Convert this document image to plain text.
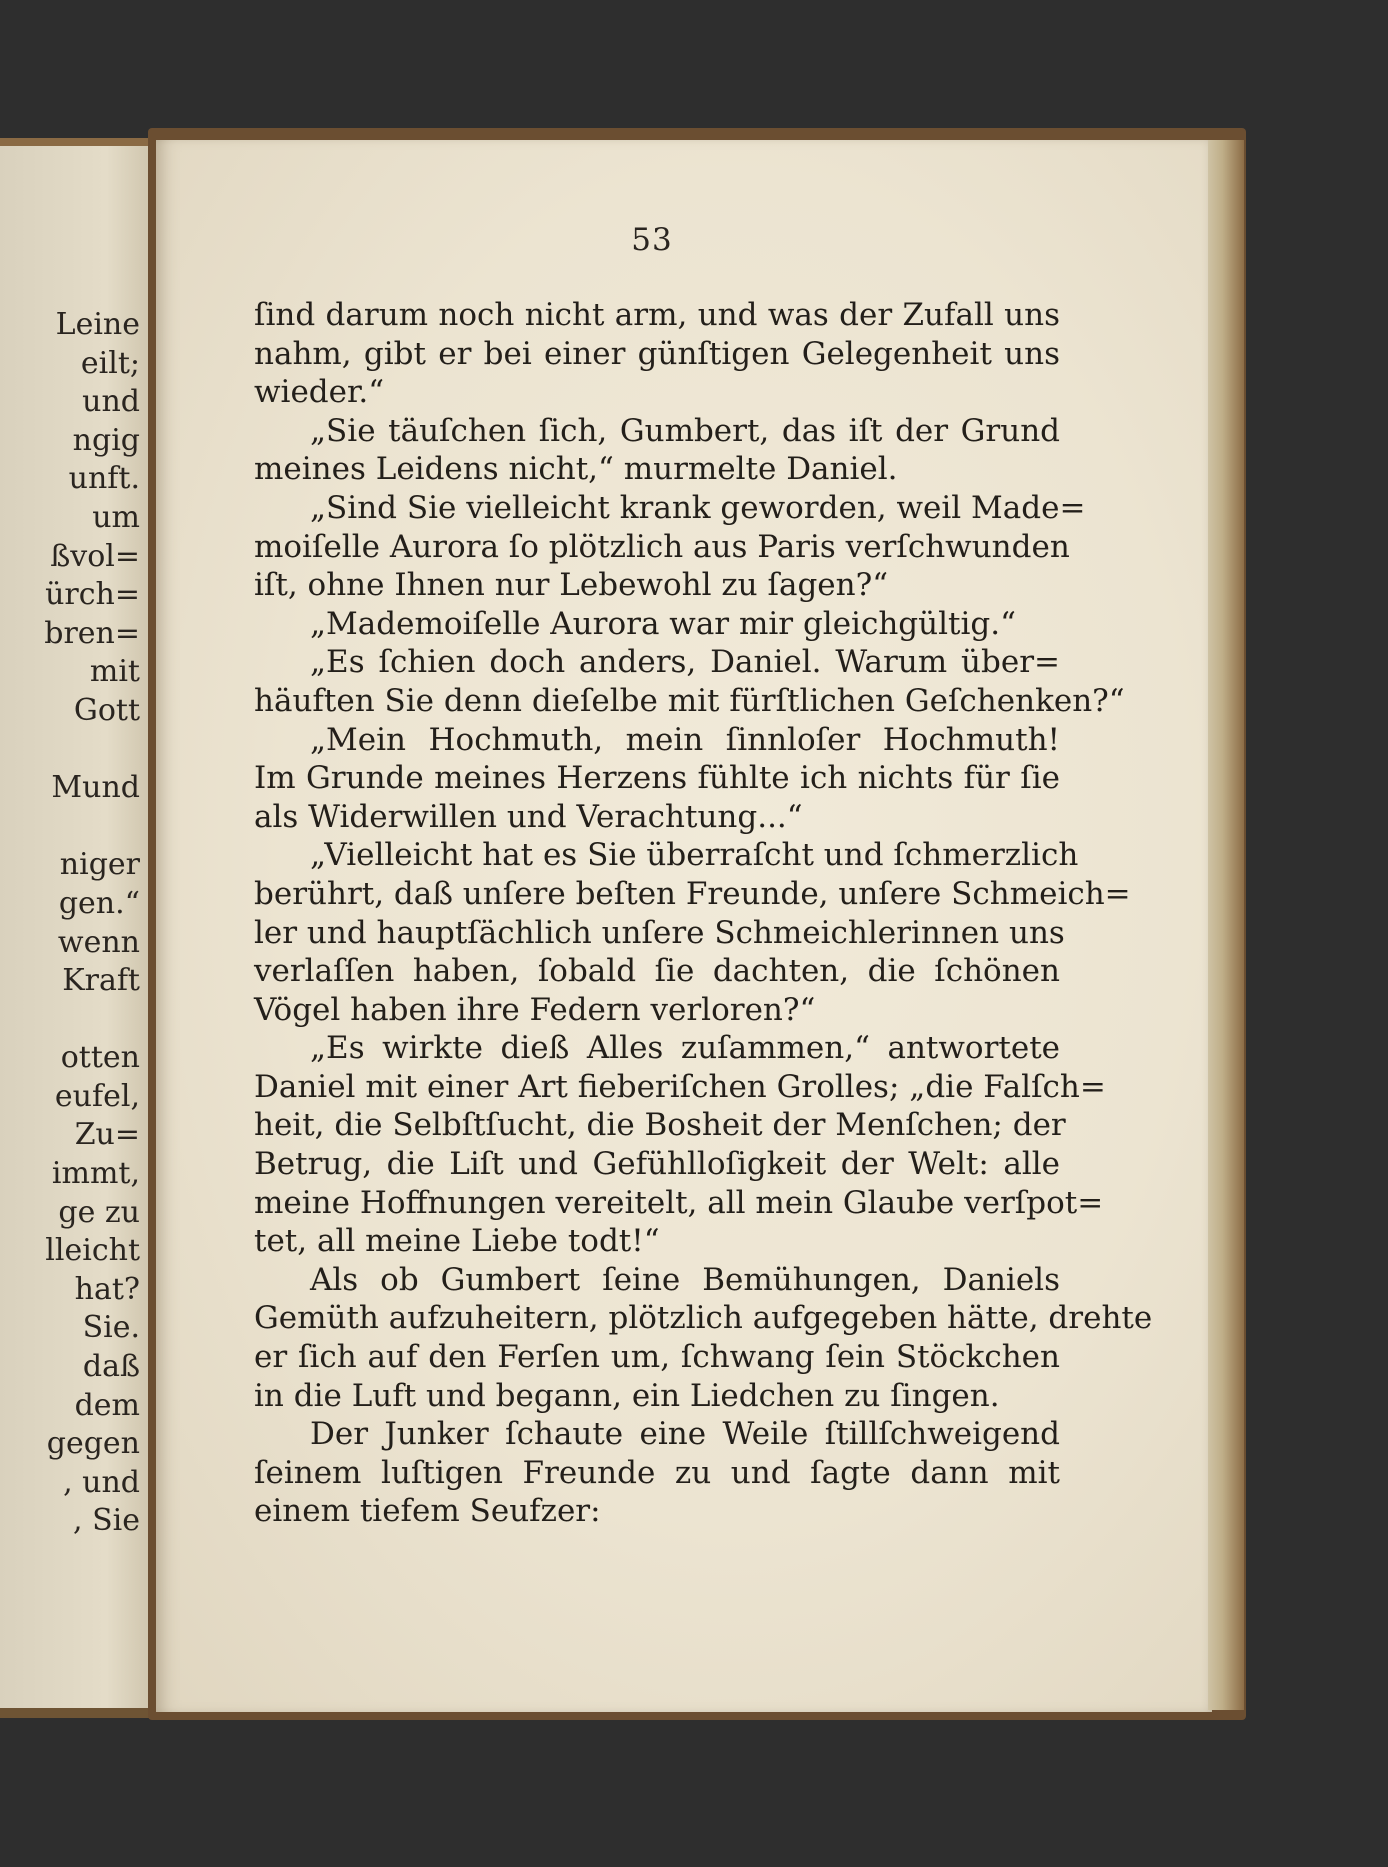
Leine
eilt;
und
ngig
unft.
um
ßvol=
ürch=
bren=
mit
Gott
Mund
niger
gen.“
wenn
Kraft
otten
eufel,
Zu=
immt,
ge zu
lleicht
hat?
Sie.
daß
dem
gegen
, und
, Sie
53
ſind darum noch nicht arm, und was der Zufall uns
nahm, gibt er bei einer günſtigen Gelegenheit uns
wieder.“
„Sie täuſchen ſich, Gumbert, das iſt der Grund
meines Leidens nicht,“ murmelte Daniel.
„Sind Sie vielleicht krank geworden, weil Made=
moiſelle Aurora ſo plötzlich aus Paris verſchwunden
iſt, ohne Ihnen nur Lebewohl zu ſagen?“
„Mademoiſelle Aurora war mir gleichgültig.“
„Es ſchien doch anders, Daniel. Warum über=
häuften Sie denn dieſelbe mit fürſtlichen Geſchenken?“
„Mein Hochmuth, mein ſinnloſer Hochmuth!
Im Grunde meines Herzens fühlte ich nichts für ſie
als Widerwillen und Verachtung...“
„Vielleicht hat es Sie überraſcht und ſchmerzlich
berührt, daß unſere beſten Freunde, unſere Schmeich=
ler und hauptſächlich unſere Schmeichlerinnen uns
verlaſſen haben, ſobald ſie dachten, die ſchönen
Vögel haben ihre Federn verloren?“
„Es wirkte dieß Alles zuſammen,“ antwortete
Daniel mit einer Art fieberiſchen Grolles; „die Falſch=
heit, die Selbſtſucht, die Bosheit der Menſchen; der
Betrug, die Liſt und Gefühlloſigkeit der Welt: alle
meine Hoffnungen vereitelt, all mein Glaube verſpot=
tet, all meine Liebe todt!“
Als ob Gumbert ſeine Bemühungen, Daniels
Gemüth aufzuheitern, plötzlich aufgegeben hätte, drehte
er ſich auf den Ferſen um, ſchwang ſein Stöckchen
in die Luft und begann, ein Liedchen zu ſingen.
Der Junker ſchaute eine Weile ſtillſchweigend
ſeinem luſtigen Freunde zu und ſagte dann mit
einem tiefem Seufzer:
